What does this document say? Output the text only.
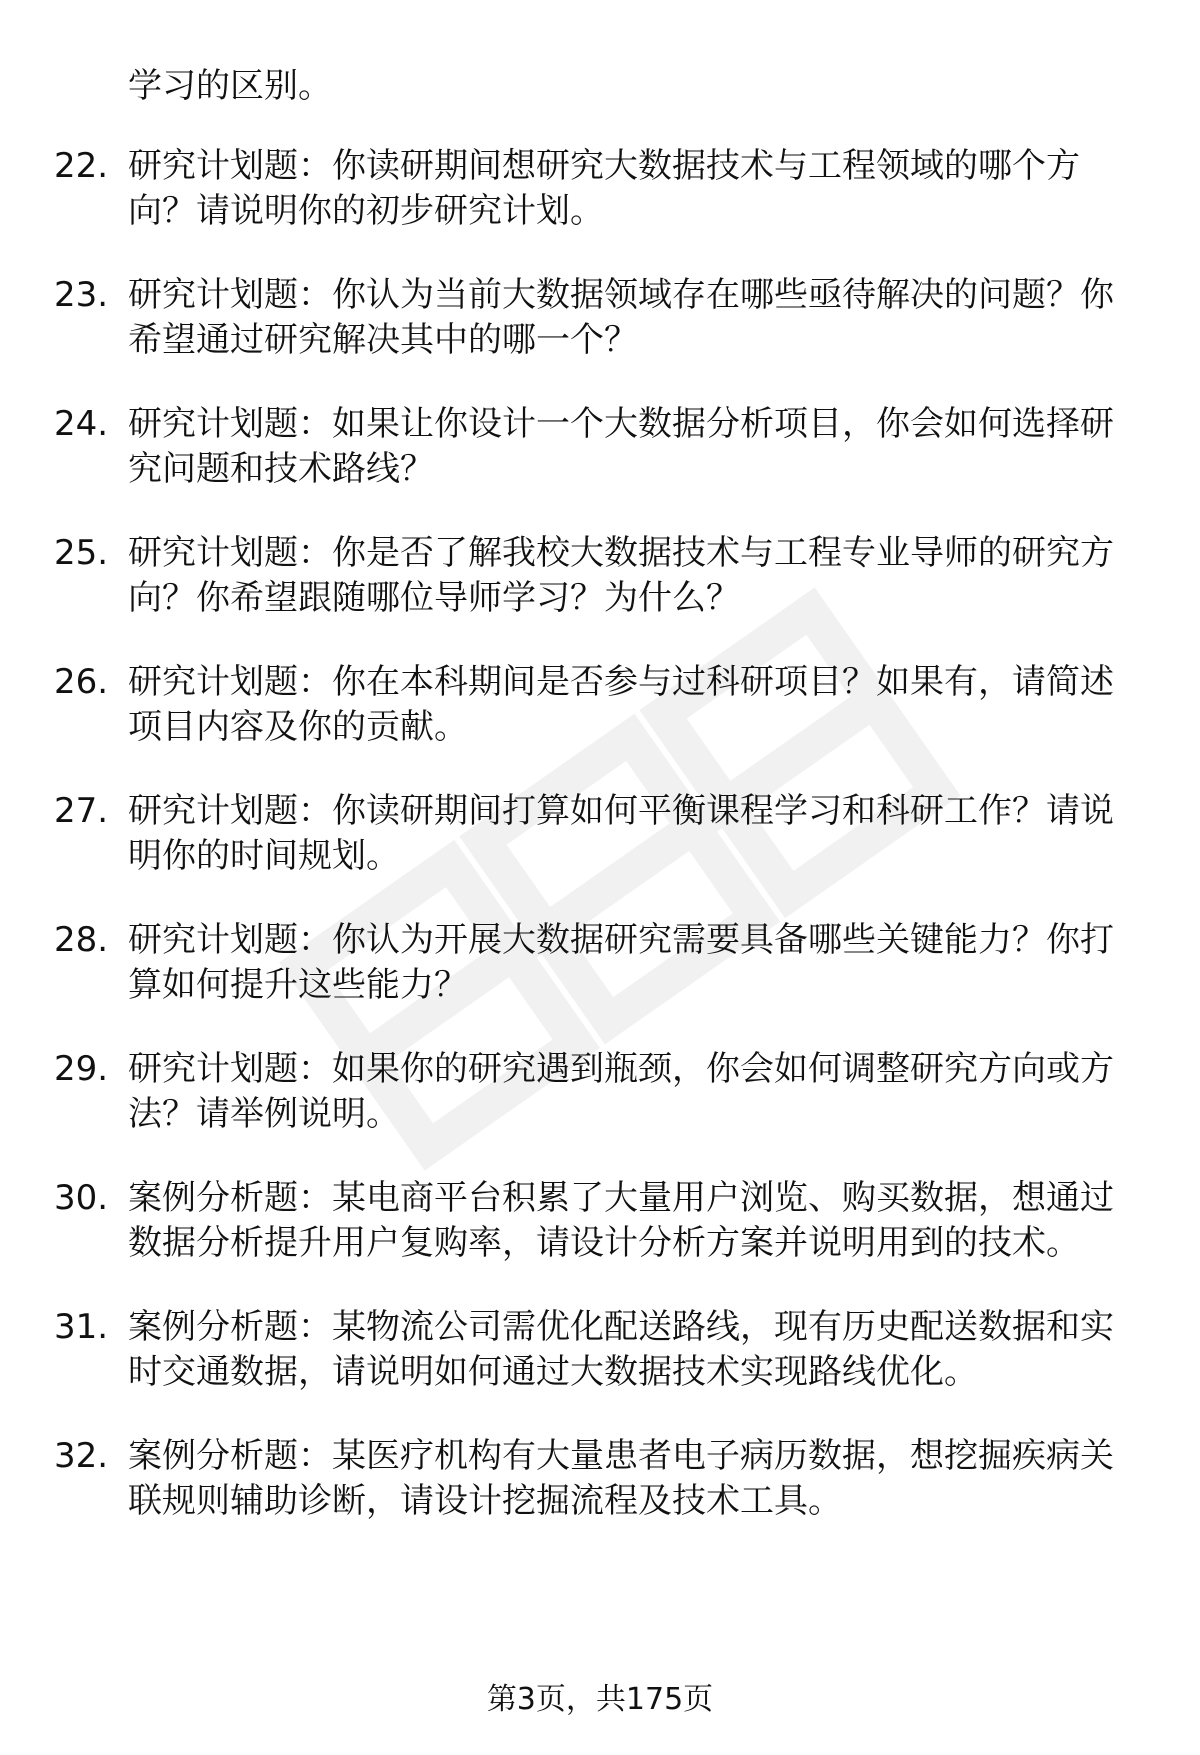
学习的区别。

22. 研究计划题：你读研期间想研究大数据技术与工程领域的哪个方向？请说明你的初步研究计划。
23. 研究计划题：你认为当前大数据领域存在哪些亟待解决的问题？你希望通过研究解决其中的哪一个？
24. 研究计划题：如果让你设计一个大数据分析项目，你会如何选择研究问题和技术路线？
25. 研究计划题：你是否了解我校大数据技术与工程专业导师的研究方向？你希望跟随哪位导师学习？为什么？
26. 研究计划题：你在本科期间是否参与过科研项目？如果有，请简述项目内容及你的贡献。
27. 研究计划题：你读研期间打算如何平衡课程学习和科研工作？请说明你的时间规划。
28. 研究计划题：你认为开展大数据研究需要具备哪些关键能力？你打算如何提升这些能力？
29. 研究计划题：如果你的研究遇到瓶颈，你会如何调整研究方向或方法？请举例说明。
30. 案例分析题：某电商平台积累了大量用户浏览、购买数据，想通过数据分析提升用户复购率，请设计分析方案并说明用到的技术。
31. 案例分析题：某物流公司需优化配送路线，现有历史配送数据和实时交通数据，请说明如何通过大数据技术实现路线优化。
32. 案例分析题：某医疗机构有大量患者电子病历数据，想挖掘疾病关联规则辅助诊断，请设计挖掘流程及技术工具。

第3页，共175页
